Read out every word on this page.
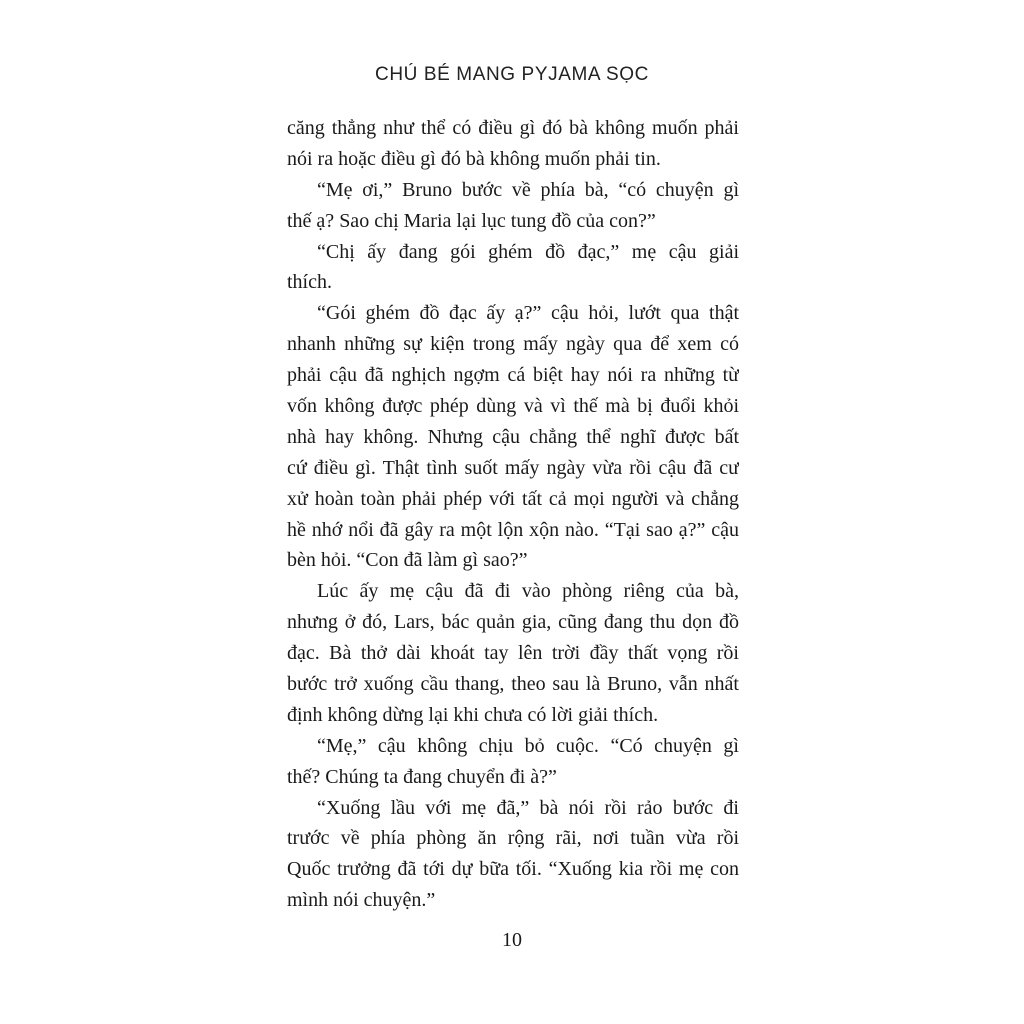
CHÚ BÉ MANG PYJAMA SỌC
căng thẳng như thể có điều gì đó bà không muốn phải
nói ra hoặc điều gì đó bà không muốn phải tin.
“Mẹ ơi,” Bruno bước về phía bà, “có chuyện gì
thế ạ? Sao chị Maria lại lục tung đồ của con?”
“Chị ấy đang gói ghém đồ đạc,” mẹ cậu giải
thích.
“Gói ghém đồ đạc ấy ạ?” cậu hỏi, lướt qua thật
nhanh những sự kiện trong mấy ngày qua để xem có
phải cậu đã nghịch ngợm cá biệt hay nói ra những từ
vốn không được phép dùng và vì thế mà bị đuổi khỏi
nhà hay không. Nhưng cậu chẳng thể nghĩ được bất
cứ điều gì. Thật tình suốt mấy ngày vừa rồi cậu đã cư
xử hoàn toàn phải phép với tất cả mọi người và chẳng
hề nhớ nổi đã gây ra một lộn xộn nào. “Tại sao ạ?” cậu
bèn hỏi. “Con đã làm gì sao?”
Lúc ấy mẹ cậu đã đi vào phòng riêng của bà,
nhưng ở đó, Lars, bác quản gia, cũng đang thu dọn đồ
đạc. Bà thở dài khoát tay lên trời đầy thất vọng rồi
bước trở xuống cầu thang, theo sau là Bruno, vẫn nhất
định không dừng lại khi chưa có lời giải thích.
“Mẹ,” cậu không chịu bỏ cuộc. “Có chuyện gì
thế? Chúng ta đang chuyển đi à?”
“Xuống lầu với mẹ đã,” bà nói rồi rảo bước đi
trước về phía phòng ăn rộng rãi, nơi tuần vừa rồi
Quốc trưởng đã tới dự bữa tối. “Xuống kia rồi mẹ con
mình nói chuyện.”
10
